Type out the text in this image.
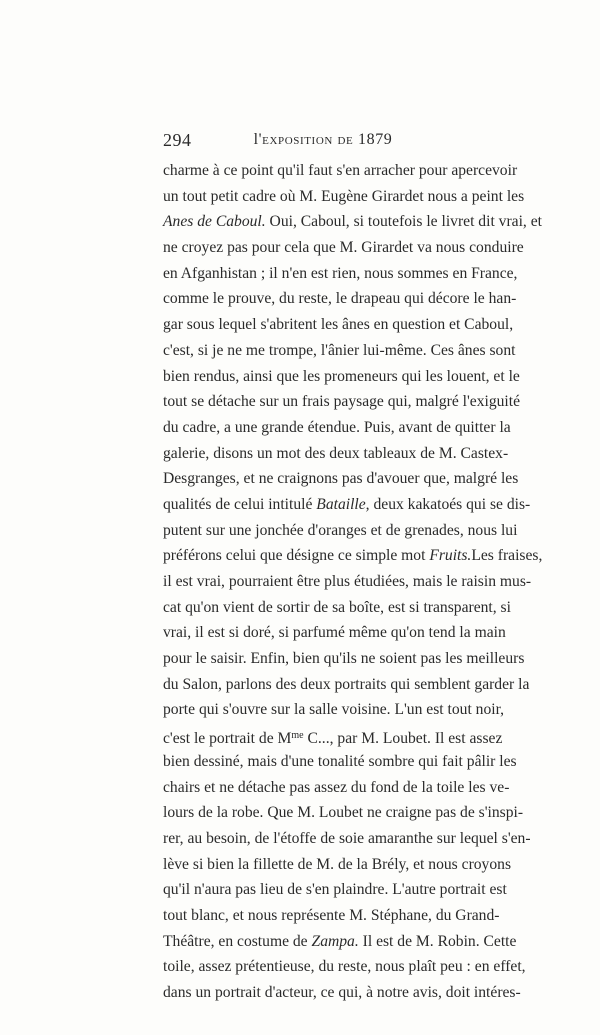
294	l'exposition de 1879
charme à ce point qu'il faut s'en arracher pour apercevoir
un tout petit cadre où M. Eugène Girardet nous a peint les
Anes de Caboul. Oui, Caboul, si toutefois le livret dit vrai, et
ne croyez pas pour cela que M. Girardet va nous conduire
en Afganhistan ; il n'en est rien, nous sommes en France,
comme le prouve, du reste, le drapeau qui décore le han-
gar sous lequel s'abritent les ânes en question et Caboul,
c'est, si je ne me trompe, l'ânier lui-même. Ces ânes sont
bien rendus, ainsi que les promeneurs qui les louent, et le
tout se détache sur un frais paysage qui, malgré l'exiguité
du cadre, a une grande étendue. Puis, avant de quitter la
galerie, disons un mot des deux tableaux de M. Castex-
Desgranges, et ne craignons pas d'avouer que, malgré les
qualités de celui intitulé Bataille, deux kakatoés qui se dis-
putent sur une jonchée d'oranges et de grenades, nous lui
préférons celui que désigne ce simple mot Fruits.Les fraises,
il est vrai, pourraient être plus étudiées, mais le raisin mus-
cat qu'on vient de sortir de sa boîte, est si transparent, si
vrai, il est si doré, si parfumé même qu'on tend la main
pour le saisir. Enfin, bien qu'ils ne soient pas les meilleurs
du Salon, parlons des deux portraits qui semblent garder la
porte qui s'ouvre sur la salle voisine. L'un est tout noir,
c'est le portrait de $M^{me}$ C..., par M. Loubet. Il est assez
bien dessiné, mais d'une tonalité sombre qui fait pâlir les
chairs et ne détache pas assez du fond de la toile les ve-
lours de la robe. Que M. Loubet ne craigne pas de s'inspi-
rer, au besoin, de l'étoffe de soie amaranthe sur lequel s'en-
lève si bien la fillette de M. de la Brély, et nous croyons
qu'il n'aura pas lieu de s'en plaindre. L'autre portrait est
tout blanc, et nous représente M. Stéphane, du Grand-
Théâtre, en costume de Zampa. Il est de M. Robin. Cette
toile, assez prétentieuse, du reste, nous plaît peu : en effet,
dans un portrait d'acteur, ce qui, à notre avis, doit intéres-
